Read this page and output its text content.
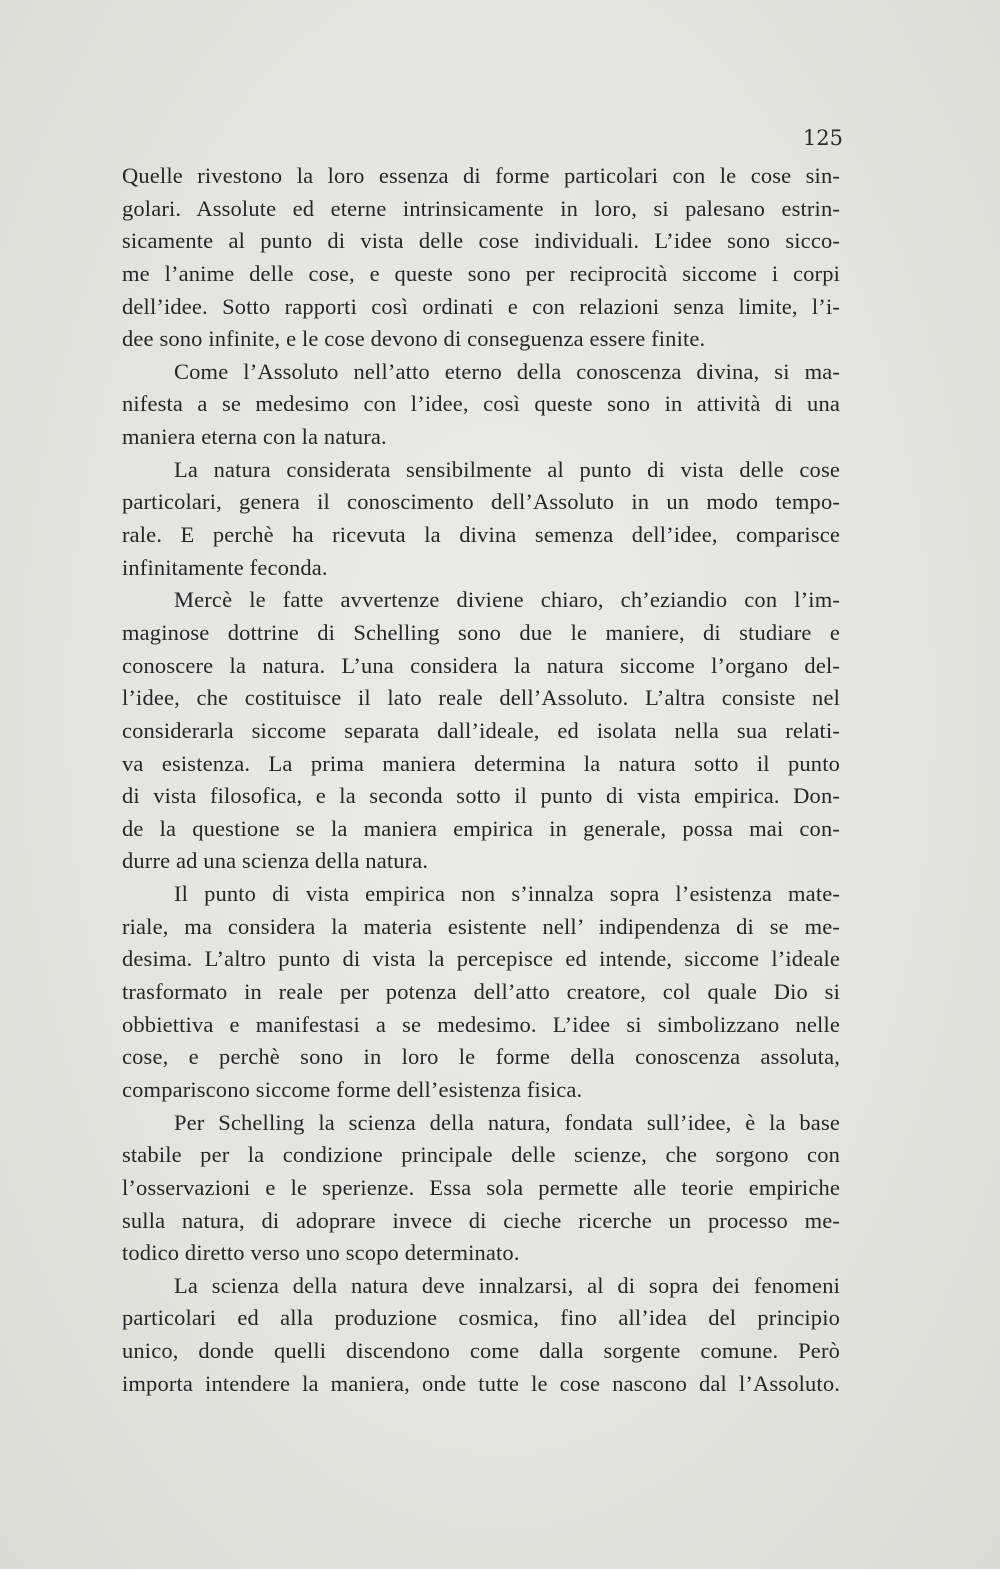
125
Quelle rivestono la loro essenza di forme particolari con le cose sin-
golari. Assolute ed eterne intrinsicamente in loro, si palesano estrin-
sicamente al punto di vista delle cose individuali. L’idee sono sicco-
me l’anime delle cose, e queste sono per reciprocità siccome i corpi
dell’idee. Sotto rapporti così ordinati e con relazioni senza limite, l’i-
dee sono infinite, e le cose devono di conseguenza essere finite.
Come l’Assoluto nell’atto eterno della conoscenza divina, si ma-
nifesta a se medesimo con l’idee, così queste sono in attività di una
maniera eterna con la natura.
La natura considerata sensibilmente al punto di vista delle cose
particolari, genera il conoscimento dell’Assoluto in un modo tempo-
rale. E perchè ha ricevuta la divina semenza dell’idee, comparisce
infinitamente feconda.
Mercè le fatte avvertenze diviene chiaro, ch’eziandio con l’im-
maginose dottrine di Schelling sono due le maniere, di studiare e
conoscere la natura. L’una considera la natura siccome l’organo del-
l’idee, che costituisce il lato reale dell’Assoluto. L’altra consiste nel
considerarla siccome separata dall’ideale, ed isolata nella sua relati-
va esistenza. La prima maniera determina la natura sotto il punto
di vista filosofica, e la seconda sotto il punto di vista empirica. Don-
de la questione se la maniera empirica in generale, possa mai con-
durre ad una scienza della natura.
Il punto di vista empirica non s’innalza sopra l’esistenza mate-
riale, ma considera la materia esistente nell’ indipendenza di se me-
desima. L’altro punto di vista la percepisce ed intende, siccome l’ideale
trasformato in reale per potenza dell’atto creatore, col quale Dio si
obbiettiva e manifestasi a se medesimo. L’idee si simbolizzano nelle
cose, e perchè sono in loro le forme della conoscenza assoluta,
compariscono siccome forme dell’esistenza fisica.
Per Schelling la scienza della natura, fondata sull’idee, è la base
stabile per la condizione principale delle scienze, che sorgono con
l’osservazioni e le sperienze. Essa sola permette alle teorie empiriche
sulla natura, di adoprare invece di cieche ricerche un processo me-
todico diretto verso uno scopo determinato.
La scienza della natura deve innalzarsi, al di sopra dei fenomeni
particolari ed alla produzione cosmica, fino all’idea del principio
unico, donde quelli discendono come dalla sorgente comune. Però
importa intendere la maniera, onde tutte le cose nascono dal l’Assoluto.
